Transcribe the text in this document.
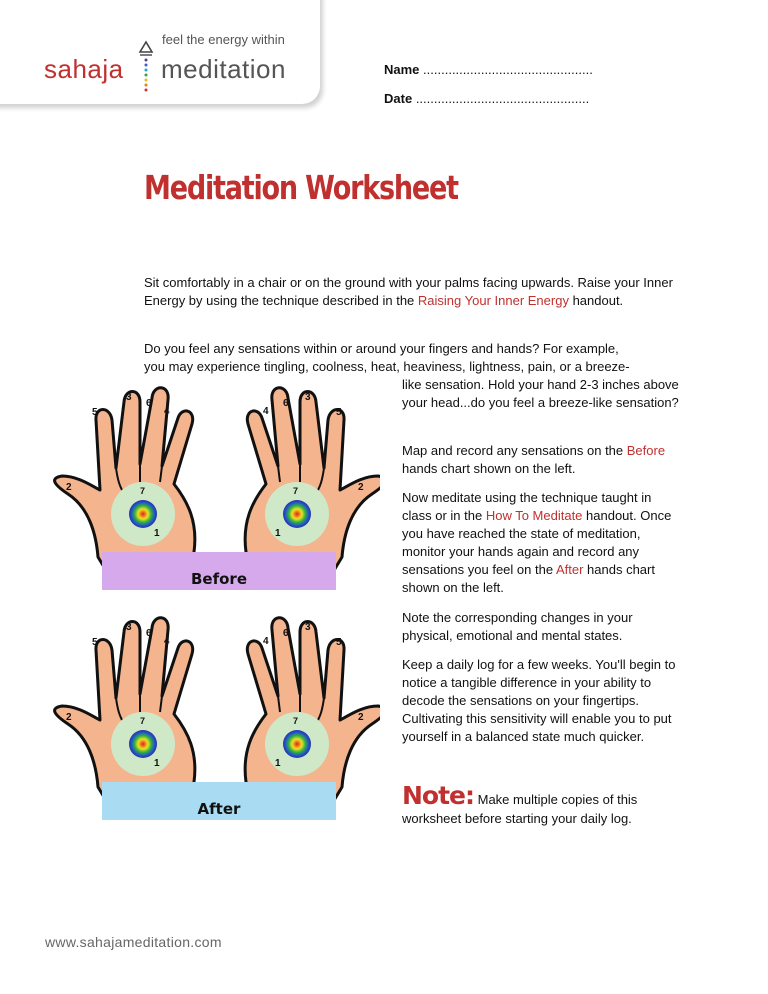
feel the energy within
sahaja meditation	Name ...............................................
Date ................................................
Meditation Worksheet
Sit comfortably in a chair or on the ground with your palms facing upwards. Raise your Inner Energy by using the technique described in the Raising Your Inner Energy handout.
Do you feel any sensations within or around your fingers and hands? For example,
you may experience tingling, coolness, heat, heaviness, lightness, pain, or a breeze-
like sensation. Hold your hand 2-3 inches above your head...do you feel a breeze-like sensation?
Map and record any sensations on the Before hands chart shown on the left.
Now meditate using the technique taught in class or in the How To Meditate handout. Once you have reached the state of meditation, monitor your hands again and record any sensations you feel on the After hands chart shown on the left.
Note the corresponding changes in your physical, emotional and mental states.
Keep a daily log for a few weeks. You'll begin to notice a tangible difference in your ability to decode the sensations on your fingertips. Cultivating this sensitivity will enable you to put yourself in a balanced state much quicker.
Note: Make multiple copies of this worksheet before starting your daily log.
5
3
6
4
2
1
4
6
3
5
2
1
7	7
Before
5
3
6
4
2
1
4
6
3
5
2
1
7	7
After
www.sahajameditation.com
